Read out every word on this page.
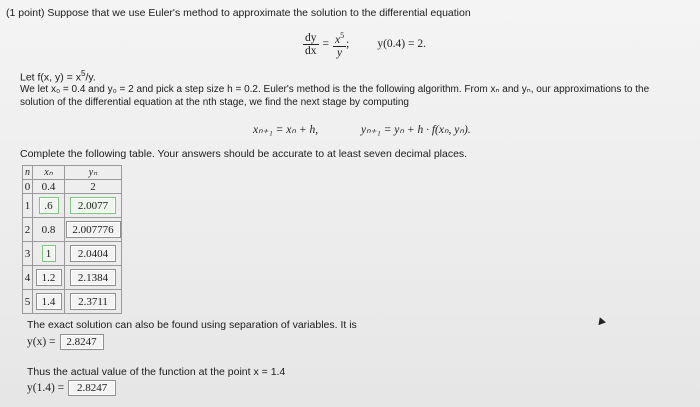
(1 point) Suppose that we use Euler's method to approximate the solution to the differential equation
$\frac{dy}{dx} = \frac{x^5}{y}$ ; y(0.4) = 2.
Let f(x, $y) = x^5/y$.
We let x₀ = 0.4 and y₀ = 2 and pick a step size h = 0.2. Euler's method is the the following algorithm. From xₙ and yₙ, our approximations to the
solution of the differential equation at the nth stage, we find the next stage by computing
xₙ₊₁ = xₙ + h,	yₙ₊₁ = yₙ + h · f(xₙ, yₙ).
Complete the following table. Your answers should be accurate to at least seven decimal places.
n	xₙ	yₙ
0	0.4	2
1	.6	2.0077
2	0.8	2.007776
3	1	2.0404
4	1.2	2.1384
5	1.4	2.3711
The exact solution can also be found using separation of variables. It is
y(x) = 2.8247
Thus the actual value of the function at the point x = 1.4
y(1.4) =	2.8247
